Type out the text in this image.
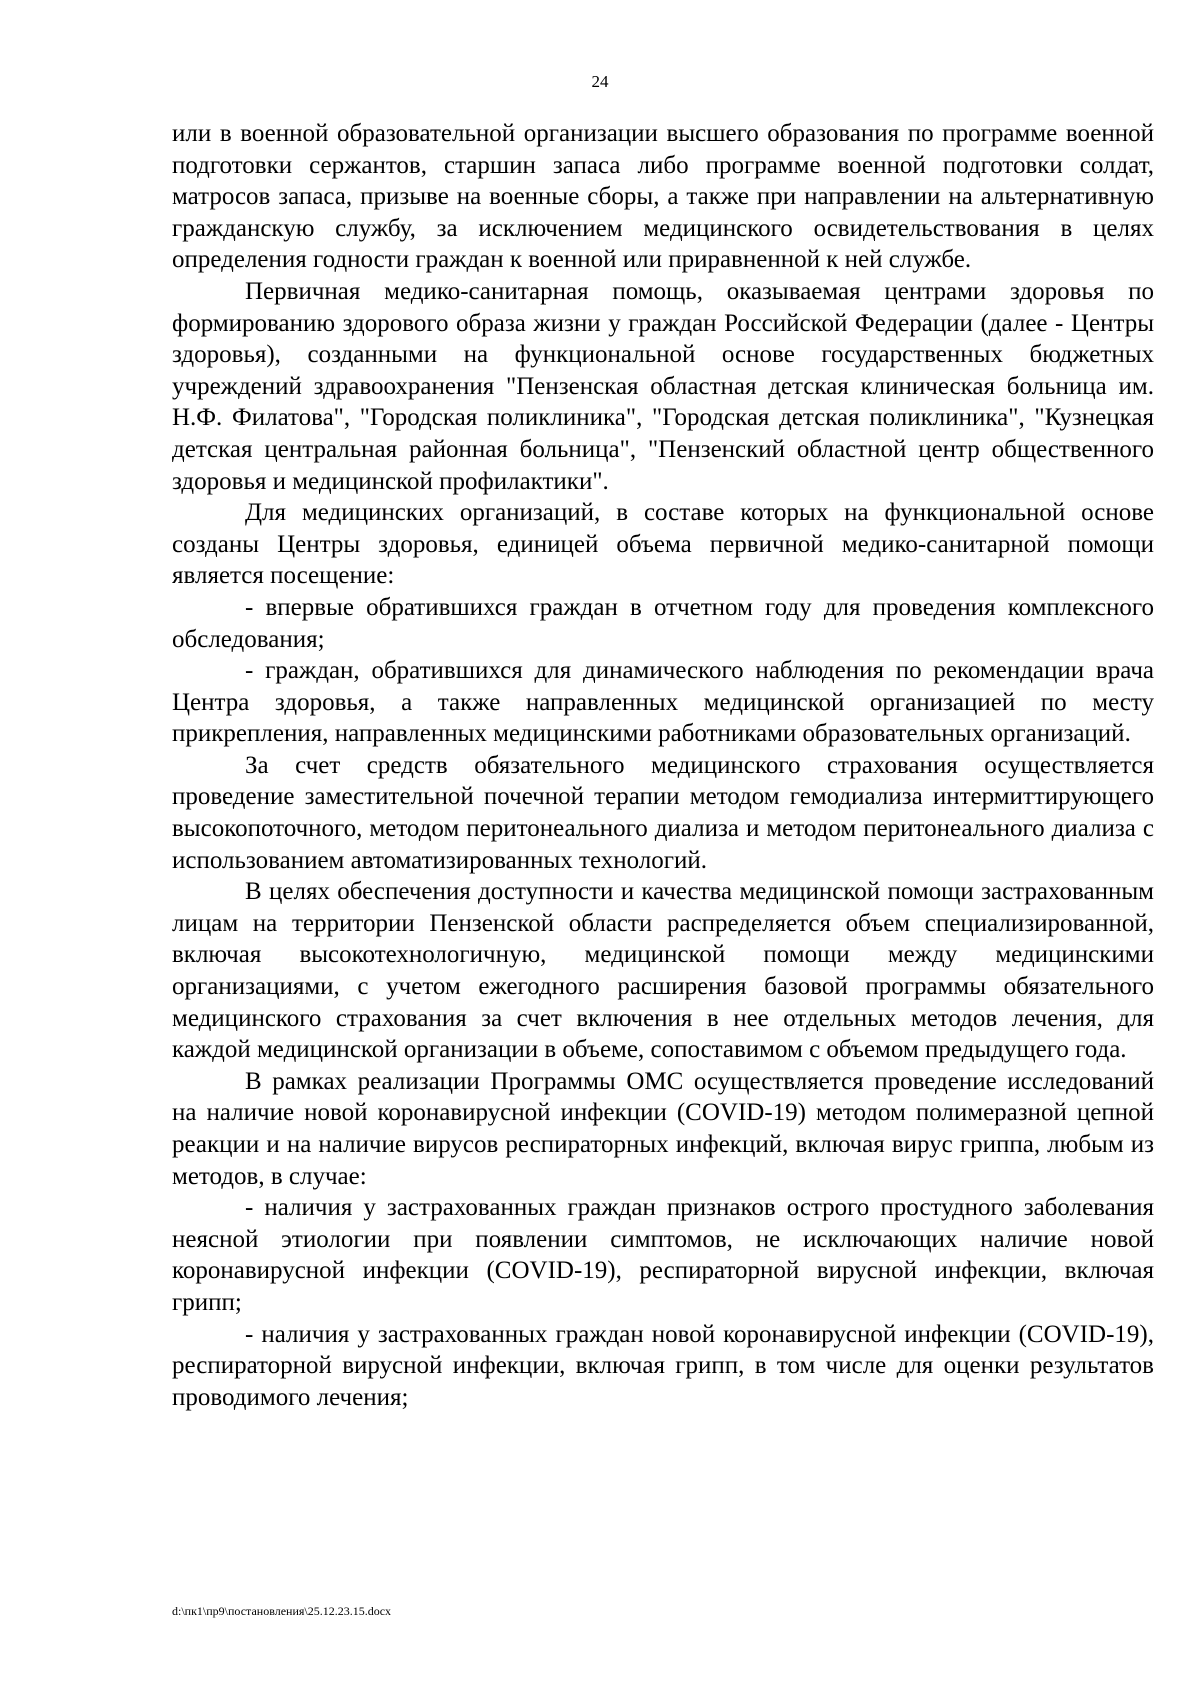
24

или в военной образовательной организации высшего образования по программе военной подготовки сержантов, старшин запаса либо программе военной подготовки солдат, матросов запаса, призыве на военные сборы, а также при направлении на альтернативную гражданскую службу, за исключением медицинского освидетельствования в целях определения годности граждан к военной или приравненной к ней службе.

Первичная медико-санитарная помощь, оказываемая центрами здоровья по формированию здорового образа жизни у граждан Российской Федерации (далее - Центры здоровья), созданными на функциональной основе государственных бюджетных учреждений здравоохранения "Пензенская областная детская клиническая больница им. Н.Ф. Филатова", "Городская поликлиника", "Городская детская поликлиника", "Кузнецкая детская центральная районная больница", "Пензенский областной центр общественного здоровья и медицинской профилактики".

Для медицинских организаций, в составе которых на функциональной основе созданы Центры здоровья, единицей объема первичной медико-санитарной помощи является посещение:

- впервые обратившихся граждан в отчетном году для проведения комплексного обследования;

- граждан, обратившихся для динамического наблюдения по рекомендации врача Центра здоровья, а также направленных медицинской организацией по месту прикрепления, направленных медицинскими работниками образовательных организаций.

За счет средств обязательного медицинского страхования осуществляется проведение заместительной почечной терапии методом гемодиализа интермиттирующего высокопоточного, методом перитонеального диализа и методом перитонеального диализа с использованием автоматизированных технологий.

В целях обеспечения доступности и качества медицинской помощи застрахованным лицам на территории Пензенской области распределяется объем специализированной, включая высокотехнологичную, медицинской помощи между медицинскими организациями, с учетом ежегодного расширения базовой программы обязательного медицинского страхования за счет включения в нее отдельных методов лечения, для каждой медицинской организации в объеме, сопоставимом с объемом предыдущего года.

В рамках реализации Программы ОМС осуществляется проведение исследований на наличие новой коронавирусной инфекции (COVID-19) методом полимеразной цепной реакции и на наличие вирусов респираторных инфекций, включая вирус гриппа, любым из методов, в случае:

- наличия у застрахованных граждан признаков острого простудного заболевания неясной этиологии при появлении симптомов, не исключающих наличие новой коронавирусной инфекции (COVID-19), респираторной вирусной инфекции, включая грипп;

- наличия у застрахованных граждан новой коронавирусной инфекции (COVID-19), респираторной вирусной инфекции, включая грипп, в том числе для оценки результатов проводимого лечения;

d:\пк1\пр9\постановления\25.12.23.15.docx
